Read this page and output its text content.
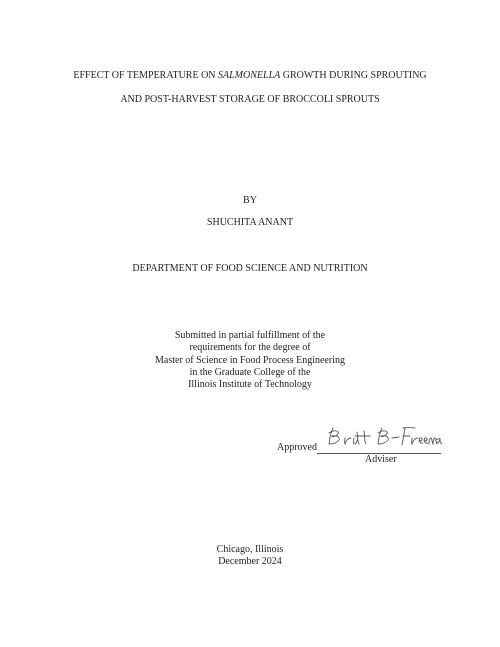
EFFECT OF TEMPERATURE ON SALMONELLA GROWTH DURING SPROUTING
AND POST-HARVEST STORAGE OF BROCCOLI SPROUTS
BY
SHUCHITA ANANT
DEPARTMENT OF FOOD SCIENCE AND NUTRITION
Submitted in partial fulfillment of the
requirements for the degree of
Master of Science in Food Process Engineering
in the Graduate College of the
Illinois Institute of Technology
Approved
Adviser
Chicago, Illinois
December 2024
